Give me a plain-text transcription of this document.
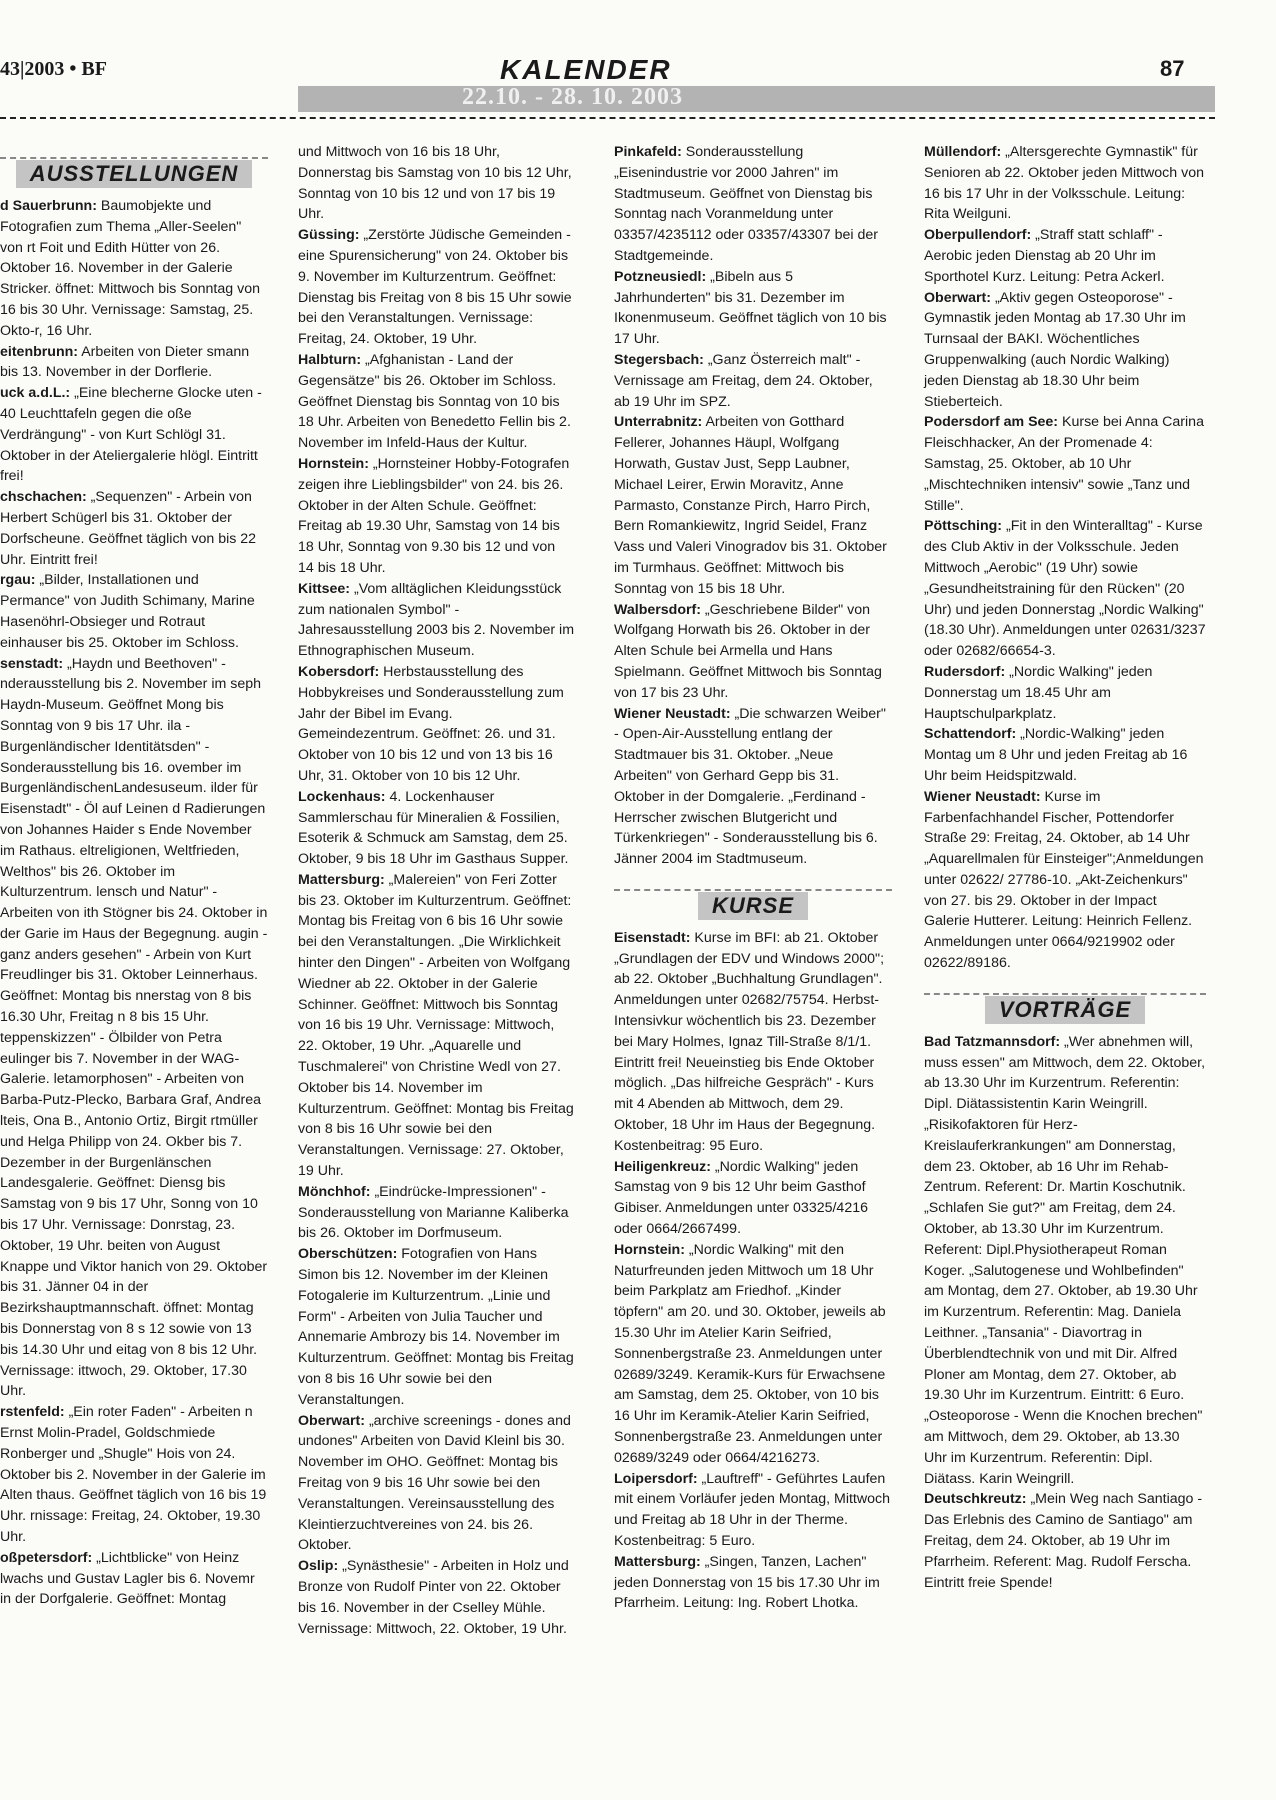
43|2003 • BF	KALENDER
22.10. - 28. 10. 2003
87
AUSSTELLUNGEN

d Sauerbrunn: Baumobjekte und Fotografien zum Thema „Aller-Seelen" von rt Foit und Edith Hütter von 26. Oktober 16. November in der Galerie Stricker. öffnet: Mittwoch bis Sonntag von 16 bis 30 Uhr. Vernissage: Samstag, 25. Okto-r, 16 Uhr.

eitenbrunn: Arbeiten von Dieter smann bis 13. November in der Dorflerie.

uck a.d.L.: „Eine blecherne Glocke uten - 40 Leuchttafeln gegen die oße Verdrängung" - von Kurt Schlögl 31. Oktober in der Ateliergalerie hlögl. Eintritt frei!

chschachen: „Sequenzen" - Arbein von Herbert Schügerl bis 31. Oktober der Dorfscheune. Geöffnet täglich von bis 22 Uhr. Eintritt frei!

rgau: „Bilder, Installationen und Permance" von Judith Schimany, Marine Hasenöhrl-Obsieger und Rotraut einhauser bis 25. Oktober im Schloss.

senstadt: „Haydn und Beethoven" -nderausstellung bis 2. November im seph Haydn-Museum. Geöffnet Mong bis Sonntag von 9 bis 17 Uhr. ila - Burgenländischer Identitätsden" - Sonderausstellung bis 16. ovember im BurgenländischenLandesuseum. ilder für Eisenstadt" - Öl auf Leinen d Radierungen von Johannes Haider s Ende November im Rathaus. eltreligionen, Weltfrieden, Welthos" bis 26. Oktober im Kulturzentrum. lensch und Natur" - Arbeiten von ith Stögner bis 24. Oktober in der Garie im Haus der Begegnung. augin - ganz anders gesehen" - Arbein von Kurt Freudlinger bis 31. Oktober Leinnerhaus. Geöffnet: Montag bis nnerstag von 8 bis 16.30 Uhr, Freitag n 8 bis 15 Uhr. teppenskizzen" - Ölbilder von Petra eulinger bis 7. November in der WAG-Galerie. letamorphosen" - Arbeiten von Barba-Putz-Plecko, Barbara Graf, Andrea lteis, Ona B., Antonio Ortiz, Birgit rtmüller und Helga Philipp von 24. Okber bis 7. Dezember in der Burgenlänschen Landesgalerie. Geöffnet: Diensg bis Samstag von 9 bis 17 Uhr, Sonng von 10 bis 17 Uhr. Vernissage: Donrstag, 23. Oktober, 19 Uhr. beiten von August Knappe und Viktor hanich von 29. Oktober bis 31. Jänner 04 in der Bezirkshauptmannschaft. öffnet: Montag bis Donnerstag von 8 s 12 sowie von 13 bis 14.30 Uhr und eitag von 8 bis 12 Uhr. Vernissage: ittwoch, 29. Oktober, 17.30 Uhr.

rstenfeld: „Ein roter Faden" - Arbeiten n Ernst Molin-Pradel, Goldschmiede Ronberger und „Shugle" Hois von 24. Oktober bis 2. November in der Galerie im Alten thaus. Geöffnet täglich von 16 bis 19 Uhr. rnissage: Freitag, 24. Oktober, 19.30 Uhr.

oßpetersdorf: „Lichtblicke" von Heinz lwachs und Gustav Lagler bis 6. Novemr in der Dorfgalerie. Geöffnet: Montag

und Mittwoch von 16 bis 18 Uhr, Donnerstag bis Samstag von 10 bis 12 Uhr, Sonntag von 10 bis 12 und von 17 bis 19 Uhr.

Güssing: „Zerstörte Jüdische Gemeinden - eine Spurensicherung" von 24. Oktober bis 9. November im Kulturzentrum. Geöffnet: Dienstag bis Freitag von 8 bis 15 Uhr sowie bei den Veranstaltungen. Vernissage: Freitag, 24. Oktober, 19 Uhr.

Halbturn: „Afghanistan - Land der Gegensätze" bis 26. Oktober im Schloss. Geöffnet Dienstag bis Sonntag von 10 bis 18 Uhr. Arbeiten von Benedetto Fellin bis 2. November im Infeld-Haus der Kultur.

Hornstein: „Hornsteiner Hobby-Fotografen zeigen ihre Lieblingsbilder" von 24. bis 26. Oktober in der Alten Schule. Geöffnet: Freitag ab 19.30 Uhr, Samstag von 14 bis 18 Uhr, Sonntag von 9.30 bis 12 und von 14 bis 18 Uhr.

Kittsee: „Vom alltäglichen Kleidungsstück zum nationalen Symbol" - Jahresausstellung 2003 bis 2. November im Ethnographischen Museum.

Kobersdorf: Herbstausstellung des Hobbykreises und Sonderausstellung zum Jahr der Bibel im Evang. Gemeindezentrum. Geöffnet: 26. und 31. Oktober von 10 bis 12 und von 13 bis 16 Uhr, 31. Oktober von 10 bis 12 Uhr.

Lockenhaus: 4. Lockenhauser Sammlerschau für Mineralien & Fossilien, Esoterik & Schmuck am Samstag, dem 25. Oktober, 9 bis 18 Uhr im Gasthaus Supper.

Mattersburg: „Malereien" von Feri Zotter bis 23. Oktober im Kulturzentrum. Geöffnet: Montag bis Freitag von 6 bis 16 Uhr sowie bei den Veranstaltungen. „Die Wirklichkeit hinter den Dingen" - Arbeiten von Wolfgang Wiedner ab 22. Oktober in der Galerie Schinner. Geöffnet: Mittwoch bis Sonntag von 16 bis 19 Uhr. Vernissage: Mittwoch, 22. Oktober, 19 Uhr. „Aquarelle und Tuschmalerei" von Christine Wedl von 27. Oktober bis 14. November im Kulturzentrum. Geöffnet: Montag bis Freitag von 8 bis 16 Uhr sowie bei den Veranstaltungen. Vernissage: 27. Oktober, 19 Uhr.

Mönchhof: „Eindrücke-Impressionen" - Sonderausstellung von Marianne Kaliberka bis 26. Oktober im Dorfmuseum.

Oberschützen: Fotografien von Hans Simon bis 12. November im der Kleinen Fotogalerie im Kulturzentrum. „Linie und Form" - Arbeiten von Julia Taucher und Annemarie Ambrozy bis 14. November im Kulturzentrum. Geöffnet: Montag bis Freitag von 8 bis 16 Uhr sowie bei den Veranstaltungen.

Oberwart: „archive screenings - dones and undones" Arbeiten von David Kleinl bis 30. November im OHO. Geöffnet: Montag bis Freitag von 9 bis 16 Uhr sowie bei den Veranstaltungen. Vereinsausstellung des Kleintierzuchtvereines von 24. bis 26. Oktober.

Oslip: „Synästhesie" - Arbeiten in Holz und Bronze von Rudolf Pinter von 22. Oktober bis 16. November in der Cselley Mühle. Vernissage: Mittwoch, 22. Oktober, 19 Uhr.

Pinkafeld: Sonderausstellung „Eisenindustrie vor 2000 Jahren" im Stadtmuseum. Geöffnet von Dienstag bis Sonntag nach Voranmeldung unter 03357/4235112 oder 03357/43307 bei der Stadtgemeinde.

Potzneusiedl: „Bibeln aus 5 Jahrhunderten" bis 31. Dezember im Ikonenmuseum. Geöffnet täglich von 10 bis 17 Uhr.

Stegersbach: „Ganz Österreich malt" - Vernissage am Freitag, dem 24. Oktober, ab 19 Uhr im SPZ.

Unterrabnitz: Arbeiten von Gotthard Fellerer, Johannes Häupl, Wolfgang Horwath, Gustav Just, Sepp Laubner, Michael Leirer, Erwin Moravitz, Anne Parmasto, Constanze Pirch, Harro Pirch, Bern Romankiewitz, Ingrid Seidel, Franz Vass und Valeri Vinogradov bis 31. Oktober im Turmhaus. Geöffnet: Mittwoch bis Sonntag von 15 bis 18 Uhr.

Walbersdorf: „Geschriebene Bilder" von Wolfgang Horwath bis 26. Oktober in der Alten Schule bei Armella und Hans Spielmann. Geöffnet Mittwoch bis Sonntag von 17 bis 23 Uhr.

Wiener Neustadt: „Die schwarzen Weiber" - Open-Air-Ausstellung entlang der Stadtmauer bis 31. Oktober. „Neue Arbeiten" von Gerhard Gepp bis 31. Oktober in der Domgalerie. „Ferdinand - Herrscher zwischen Blutgericht und Türkenkriegen" - Sonderausstellung bis 6. Jänner 2004 im Stadtmuseum.

KURSE

Eisenstadt: Kurse im BFI: ab 21. Oktober „Grundlagen der EDV und Windows 2000"; ab 22. Oktober „Buchhaltung Grundlagen". Anmeldungen unter 02682/75754. Herbst-Intensivkur wöchentlich bis 23. Dezember bei Mary Holmes, Ignaz Till-Straße 8/1/1. Eintritt frei! Neueinstieg bis Ende Oktober möglich. „Das hilfreiche Gespräch" - Kurs mit 4 Abenden ab Mittwoch, dem 29. Oktober, 18 Uhr im Haus der Begegnung. Kostenbeitrag: 95 Euro.

Heiligenkreuz: „Nordic Walking" jeden Samstag von 9 bis 12 Uhr beim Gasthof Gibiser. Anmeldungen unter 03325/4216 oder 0664/2667499.

Hornstein: „Nordic Walking" mit den Naturfreunden jeden Mittwoch um 18 Uhr beim Parkplatz am Friedhof. „Kinder töpfern" am 20. und 30. Oktober, jeweils ab 15.30 Uhr im Atelier Karin Seifried, Sonnenbergstraße 23. Anmeldungen unter 02689/3249. Keramik-Kurs für Erwachsene am Samstag, dem 25. Oktober, von 10 bis 16 Uhr im Keramik-Atelier Karin Seifried, Sonnenbergstraße 23. Anmeldungen unter 02689/3249 oder 0664/4216273.

Loipersdorf: „Lauftreff" - Geführtes Laufen mit einem Vorläufer jeden Montag, Mittwoch und Freitag ab 18 Uhr in der Therme. Kostenbeitrag: 5 Euro.

Mattersburg: „Singen, Tanzen, Lachen" jeden Donnerstag von 15 bis 17.30 Uhr im Pfarrheim. Leitung: Ing. Robert Lhotka.

Müllendorf: „Altersgerechte Gymnastik" für Senioren ab 22. Oktober jeden Mittwoch von 16 bis 17 Uhr in der Volksschule. Leitung: Rita Weilguni.

Oberpullendorf: „Straff statt schlaff" - Aerobic jeden Dienstag ab 20 Uhr im Sporthotel Kurz. Leitung: Petra Ackerl.

Oberwart: „Aktiv gegen Osteoporose" - Gymnastik jeden Montag ab 17.30 Uhr im Turnsaal der BAKI. Wöchentliches Gruppenwalking (auch Nordic Walking) jeden Dienstag ab 18.30 Uhr beim Stieberteich.

Podersdorf am See: Kurse bei Anna Carina Fleischhacker, An der Promenade 4: Samstag, 25. Oktober, ab 10 Uhr „Mischtechniken intensiv" sowie „Tanz und Stille".

Pöttsching: „Fit in den Winteralltag" - Kurse des Club Aktiv in der Volksschule. Jeden Mittwoch „Aerobic" (19 Uhr) sowie „Gesundheitstraining für den Rücken" (20 Uhr) und jeden Donnerstag „Nordic Walking" (18.30 Uhr). Anmeldungen unter 02631/3237 oder 02682/66654-3.

Rudersdorf: „Nordic Walking" jeden Donnerstag um 18.45 Uhr am Hauptschulparkplatz.

Schattendorf: „Nordic-Walking" jeden Montag um 8 Uhr und jeden Freitag ab 16 Uhr beim Heidspitzwald.

Wiener Neustadt: Kurse im Farbenfachhandel Fischer, Pottendorfer Straße 29: Freitag, 24. Oktober, ab 14 Uhr „Aquarellmalen für Einsteiger";Anmeldungen unter 02622/ 27786-10. „Akt-Zeichenkurs" von 27. bis 29. Oktober in der Impact Galerie Hutterer. Leitung: Heinrich Fellenz. Anmeldungen unter 0664/9219902 oder 02622/89186.

VORTRÄGE

Bad Tatzmannsdorf: „Wer abnehmen will, muss essen" am Mittwoch, dem 22. Oktober, ab 13.30 Uhr im Kurzentrum. Referentin: Dipl. Diätassistentin Karin Weingrill. „Risikofaktoren für Herz-Kreislauferkrankungen" am Donnerstag, dem 23. Oktober, ab 16 Uhr im Rehab-Zentrum. Referent: Dr. Martin Koschutnik. „Schlafen Sie gut?" am Freitag, dem 24. Oktober, ab 13.30 Uhr im Kurzentrum. Referent: Dipl.Physiotherapeut Roman Koger. „Salutogenese und Wohlbefinden" am Montag, dem 27. Oktober, ab 19.30 Uhr im Kurzentrum. Referentin: Mag. Daniela Leithner. „Tansania" - Diavortrag in Überblendtechnik von und mit Dir. Alfred Ploner am Montag, dem 27. Oktober, ab 19.30 Uhr im Kurzentrum. Eintritt: 6 Euro. „Osteoporose - Wenn die Knochen brechen" am Mittwoch, dem 29. Oktober, ab 13.30 Uhr im Kurzentrum. Referentin: Dipl. Diätass. Karin Weingrill.

Deutschkreutz: „Mein Weg nach Santiago - Das Erlebnis des Camino de Santiago" am Freitag, dem 24. Oktober, ab 19 Uhr im Pfarrheim. Referent: Mag. Rudolf Ferscha. Eintritt freie Spende!
